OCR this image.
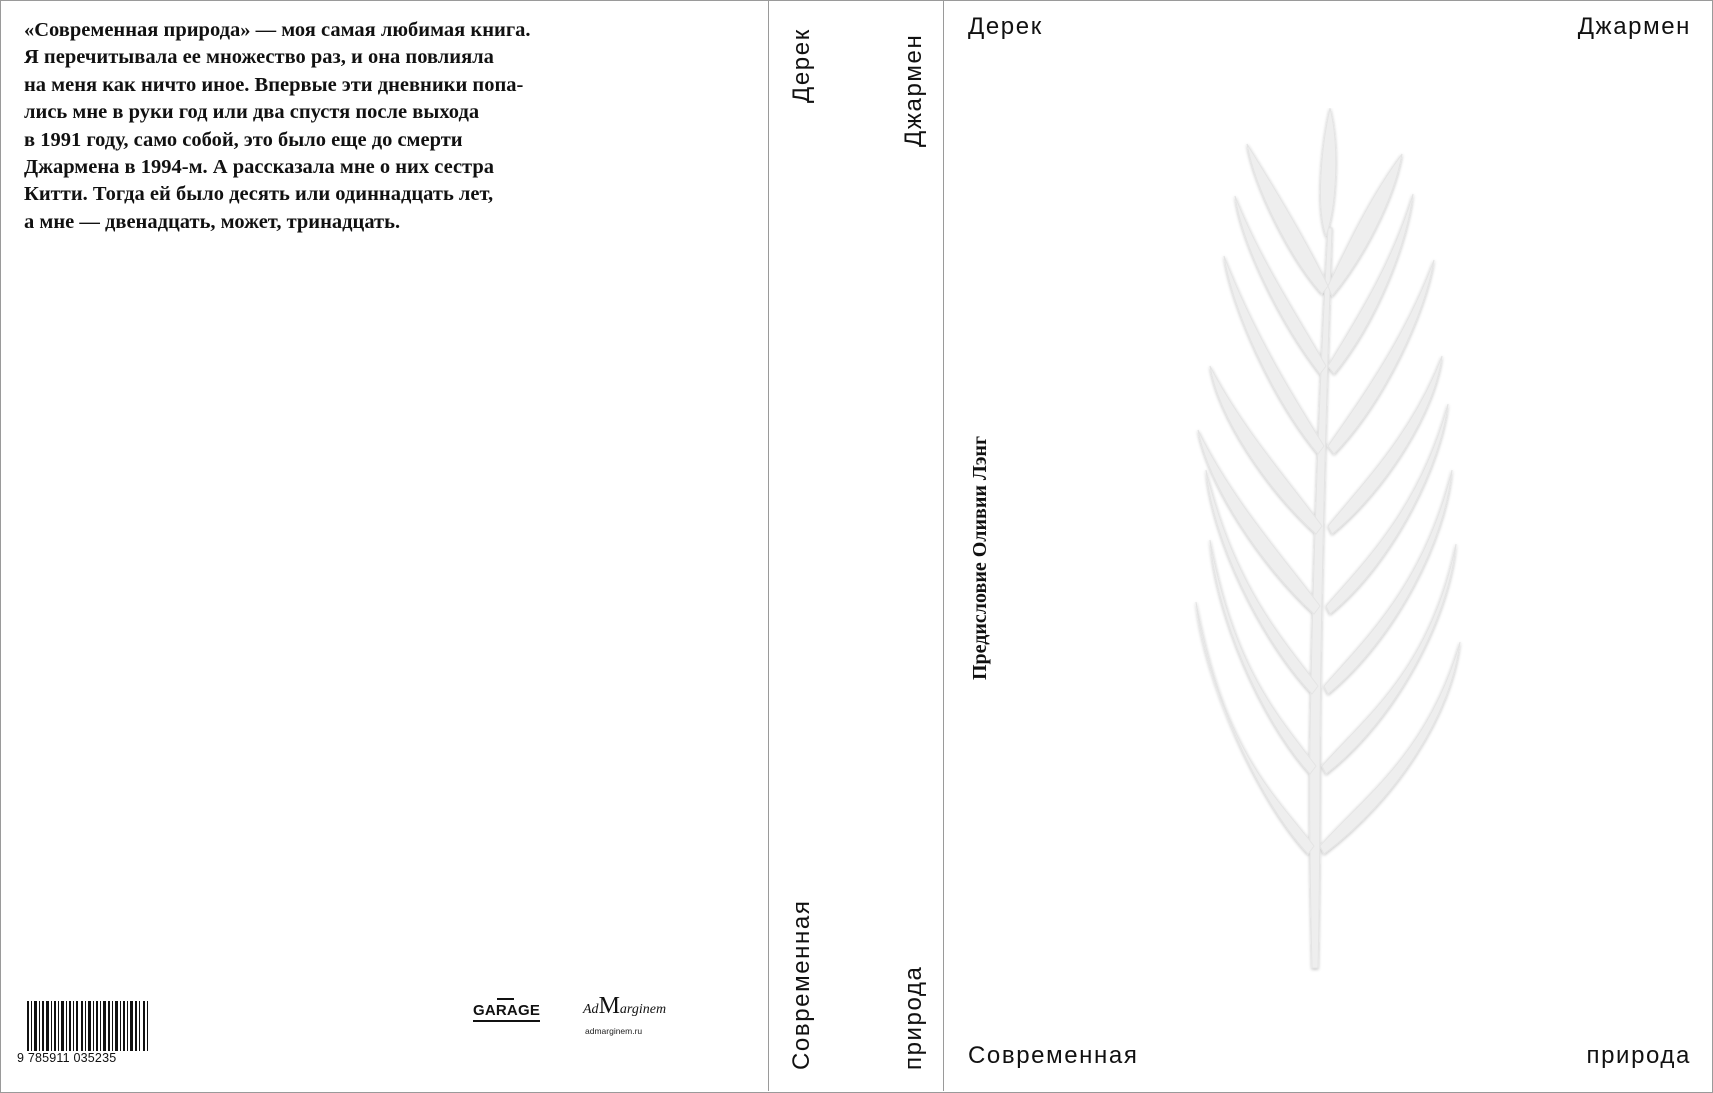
«Современная природа» — моя самая любимая книга.
Я перечитывала ее множество раз, и она повлияла
на меня как ничто иное. Впервые эти дневники попа-
лись мне в руки год или два спустя после выхода
в 1991 году, само собой, это было еще до смерти
Джармена в 1994-м. А рассказала мне о них сестра
Китти. Тогда ей было десять или одиннадцать лет,
а мне — двенадцать, может, тринадцать.
9 785911 035235
GARAGE	AdMarginem
admarginem.ru
Дерек	Джармен
Современная	природа
Дерек	Джармен
Современная	природа
Предисловие Оливии Лэнг
